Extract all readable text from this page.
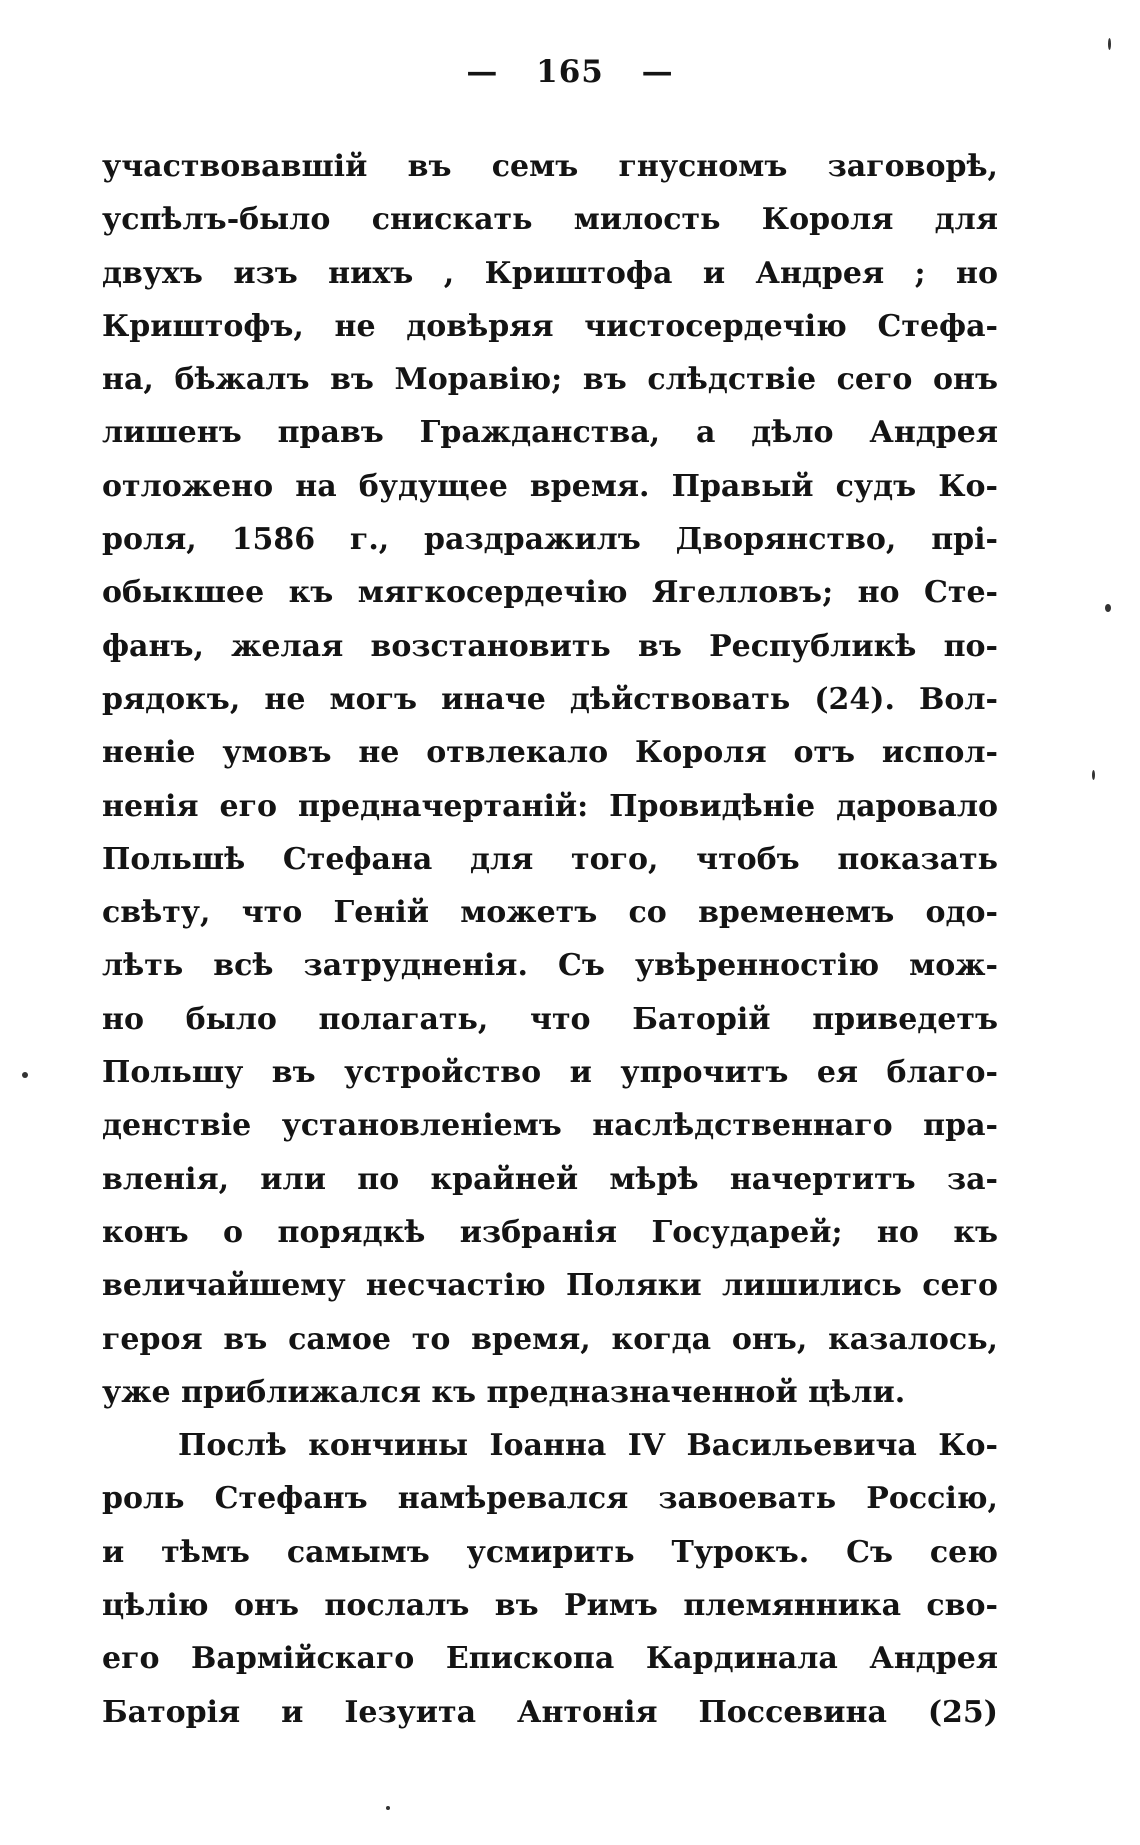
— 165 —
участвовавшій въ семъ гнусномъ заговорѣ,
успѣлъ-было снискать милость Короля для
двухъ изъ нихъ , Криштофа и Андрея ; но
Криштофъ, не довѣряя чистосердечію Стефа-
на, бѣжалъ въ Моравію; въ слѣдствіе сего онъ
лишенъ правъ Гражданства, а дѣло Андрея
отложено на будущее время. Правый судъ Ко-
роля, 1586 г., раздражилъ Дворянство, прі-
обыкшее къ мягкосердечію Ягелловъ; но Сте-
фанъ, желая возстановить въ Республикѣ по-
рядокъ, не могъ иначе дѣйствовать (24). Вол-
неніе умовъ не отвлекало Короля отъ испол-
ненія его предначертаній: Провидѣніе даровало
Польшѣ Стефана для того, чтобъ показать
свѣту, что Геній можетъ со временемъ одо-
лѣть всѣ затрудненія. Съ увѣренностію мож-
но было полагать, что Баторій приведетъ
Польшу въ устройство и упрочитъ ея благо-
денствіе установленіемъ наслѣдственнаго пра-
вленія, или по крайней мѣрѣ начертитъ за-
конъ о порядкѣ избранія Государей; но къ
величайшему несчастію Поляки лишились сего
героя въ самое то время, когда онъ, казалось,
уже приближался къ предназначенной цѣли.
Послѣ кончины Іоанна IV Васильевича Ко-
роль Стефанъ намѣревался завоевать Россію,
и тѣмъ самымъ усмирить Турокъ. Съ сею
цѣлію онъ послалъ въ Римъ племянника сво-
его Вармійскаго Епископа Кардинала Андрея
Баторія и Іезуита Антонія Поссевина (25)
